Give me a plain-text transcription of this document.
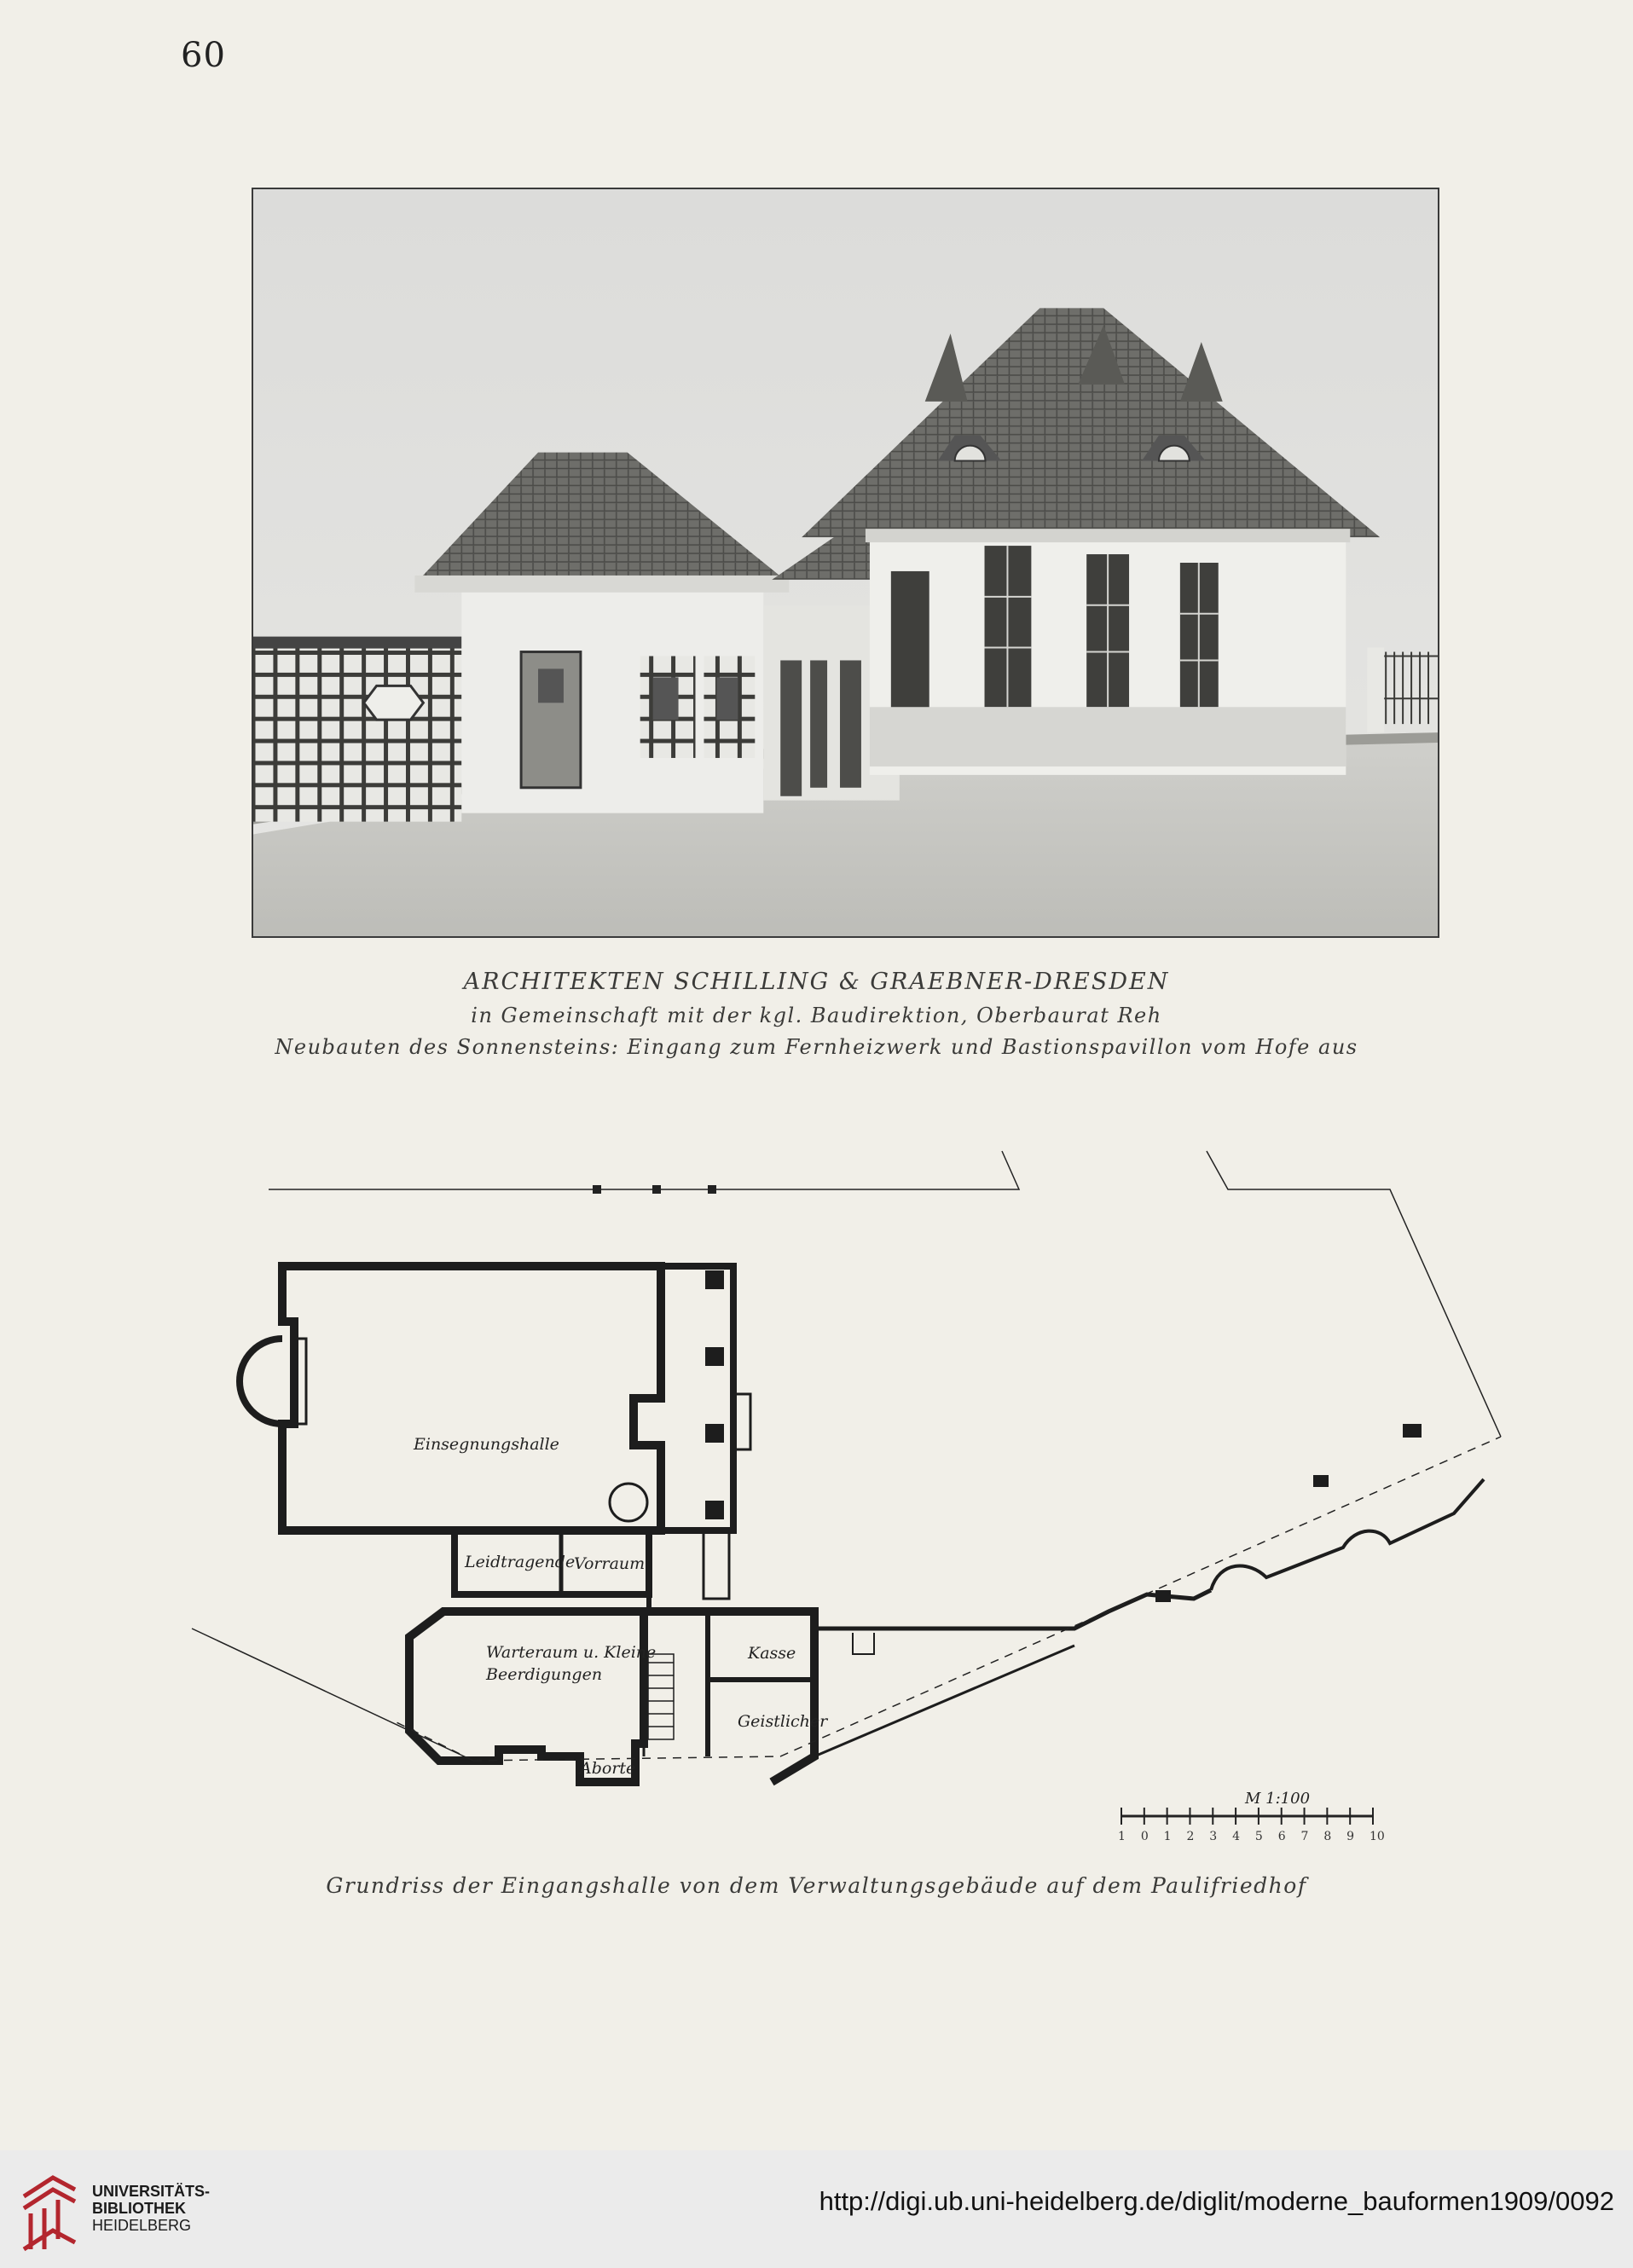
60
ARCHITEKTEN SCHILLING & GRAEBNER-DRESDEN
in Gemeinschaft mit der kgl. Baudirektion, Oberbaurat Reh
Neubauten des Sonnensteins: Eingang zum Fernheizwerk und Bastionspavillon vom Hofe aus
Einsegnungshalle
Leidtragende
Vorraum
Warteraum u. Kleine
Beerdigungen
Kasse
Geistlicher
Aborte
M 1:100
1 0 1 2 3 4 5 6 7 8 9 10
Grundriss der Eingangshalle von dem Verwaltungsgebäude auf dem Paulifriedhof
UNIVERSITÄTS-
BIBLIOTHEK
HEIDELBERG
http://digi.ub.uni-heidelberg.de/diglit/moderne_bauformen1909/0092
